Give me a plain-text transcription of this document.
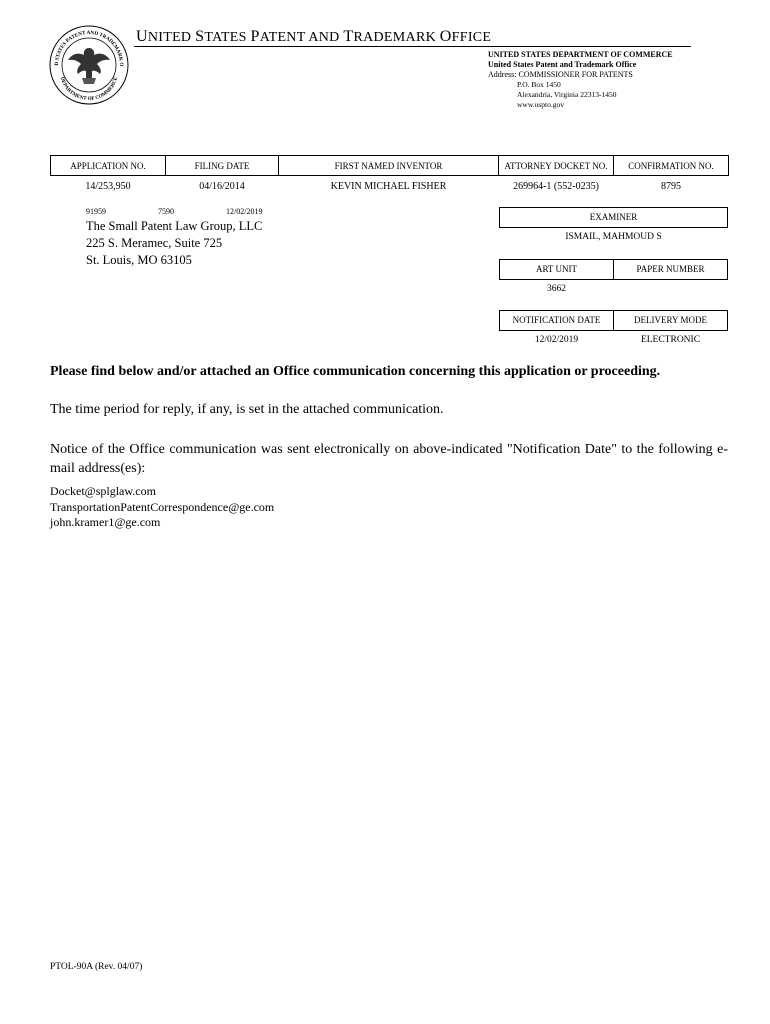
D STATES PATENT AND TRADEMARK O
DEPARTMENT OF COMMERCE
UNITED STATES PATENT AND TRADEMARK OFFICE
UNITED STATES DEPARTMENT OF COMMERCE
United States Patent and Trademark Office
Address: COMMISSIONER FOR PATENTS
P.O. Box 1450
Alexandria, Virginia 22313-1450
www.uspto.gov
APPLICATION NO.	FILING DATE	FIRST NAMED INVENTOR	ATTORNEY DOCKET NO.	CONFIRMATION NO.
14/253,950	04/16/2014	KEVIN MICHAEL FISHER	269964-1 (552-0235)	8795
91959	7590	12/02/2019
The Small Patent Law Group, LLC
225 S. Meramec, Suite 725
St. Louis, MO 63105
EXAMINER
ISMAIL, MAHMOUD S
ART UNIT	PAPER NUMBER
3662
NOTIFICATION DATE	DELIVERY MODE
12/02/2019	ELECTRONIC
Please find below and/or attached an Office communication concerning this application or proceeding.
The time period for reply, if any, is set in the attached communication.
Notice of the Office communication was sent electronically on above-indicated "Notification Date" to the following e-mail address(es):
Docket@splglaw.com
TransportationPatentCorrespondence@ge.com
john.kramer1@ge.com
PTOL-90A (Rev. 04/07)
